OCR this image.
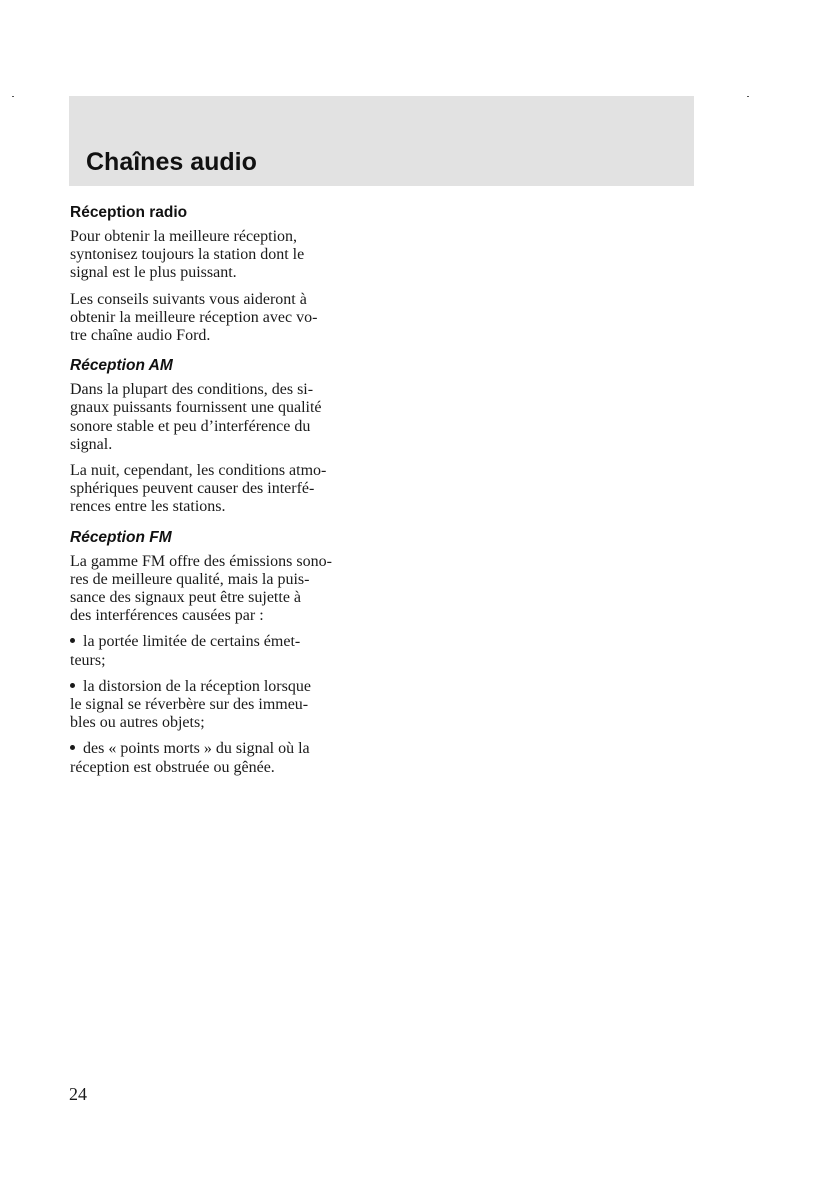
Chaînes audio
Réception radio

Pour obtenir la meilleure réception,
syntonisez toujours la station dont le
signal est le plus puissant.

Les conseils suivants vous aideront à
obtenir la meilleure réception avec vo-
tre chaîne audio Ford.

Réception AM

Dans la plupart des conditions, des si-
gnaux puissants fournissent une qualité
sonore stable et peu d’interférence du
signal.

La nuit, cependant, les conditions atmo-
sphériques peuvent causer des interfé-
rences entre les stations.

Réception FM

La gamme FM offre des émissions sono-
res de meilleure qualité, mais la puis-
sance des signaux peut être sujette à
des interférences causées par :

la portée limitée de certains émet-
teurs;

la distorsion de la réception lorsque
le signal se réverbère sur des immeu-
bles ou autres objets;

des « points morts » du signal où la
réception est obstruée ou gênée.

24
